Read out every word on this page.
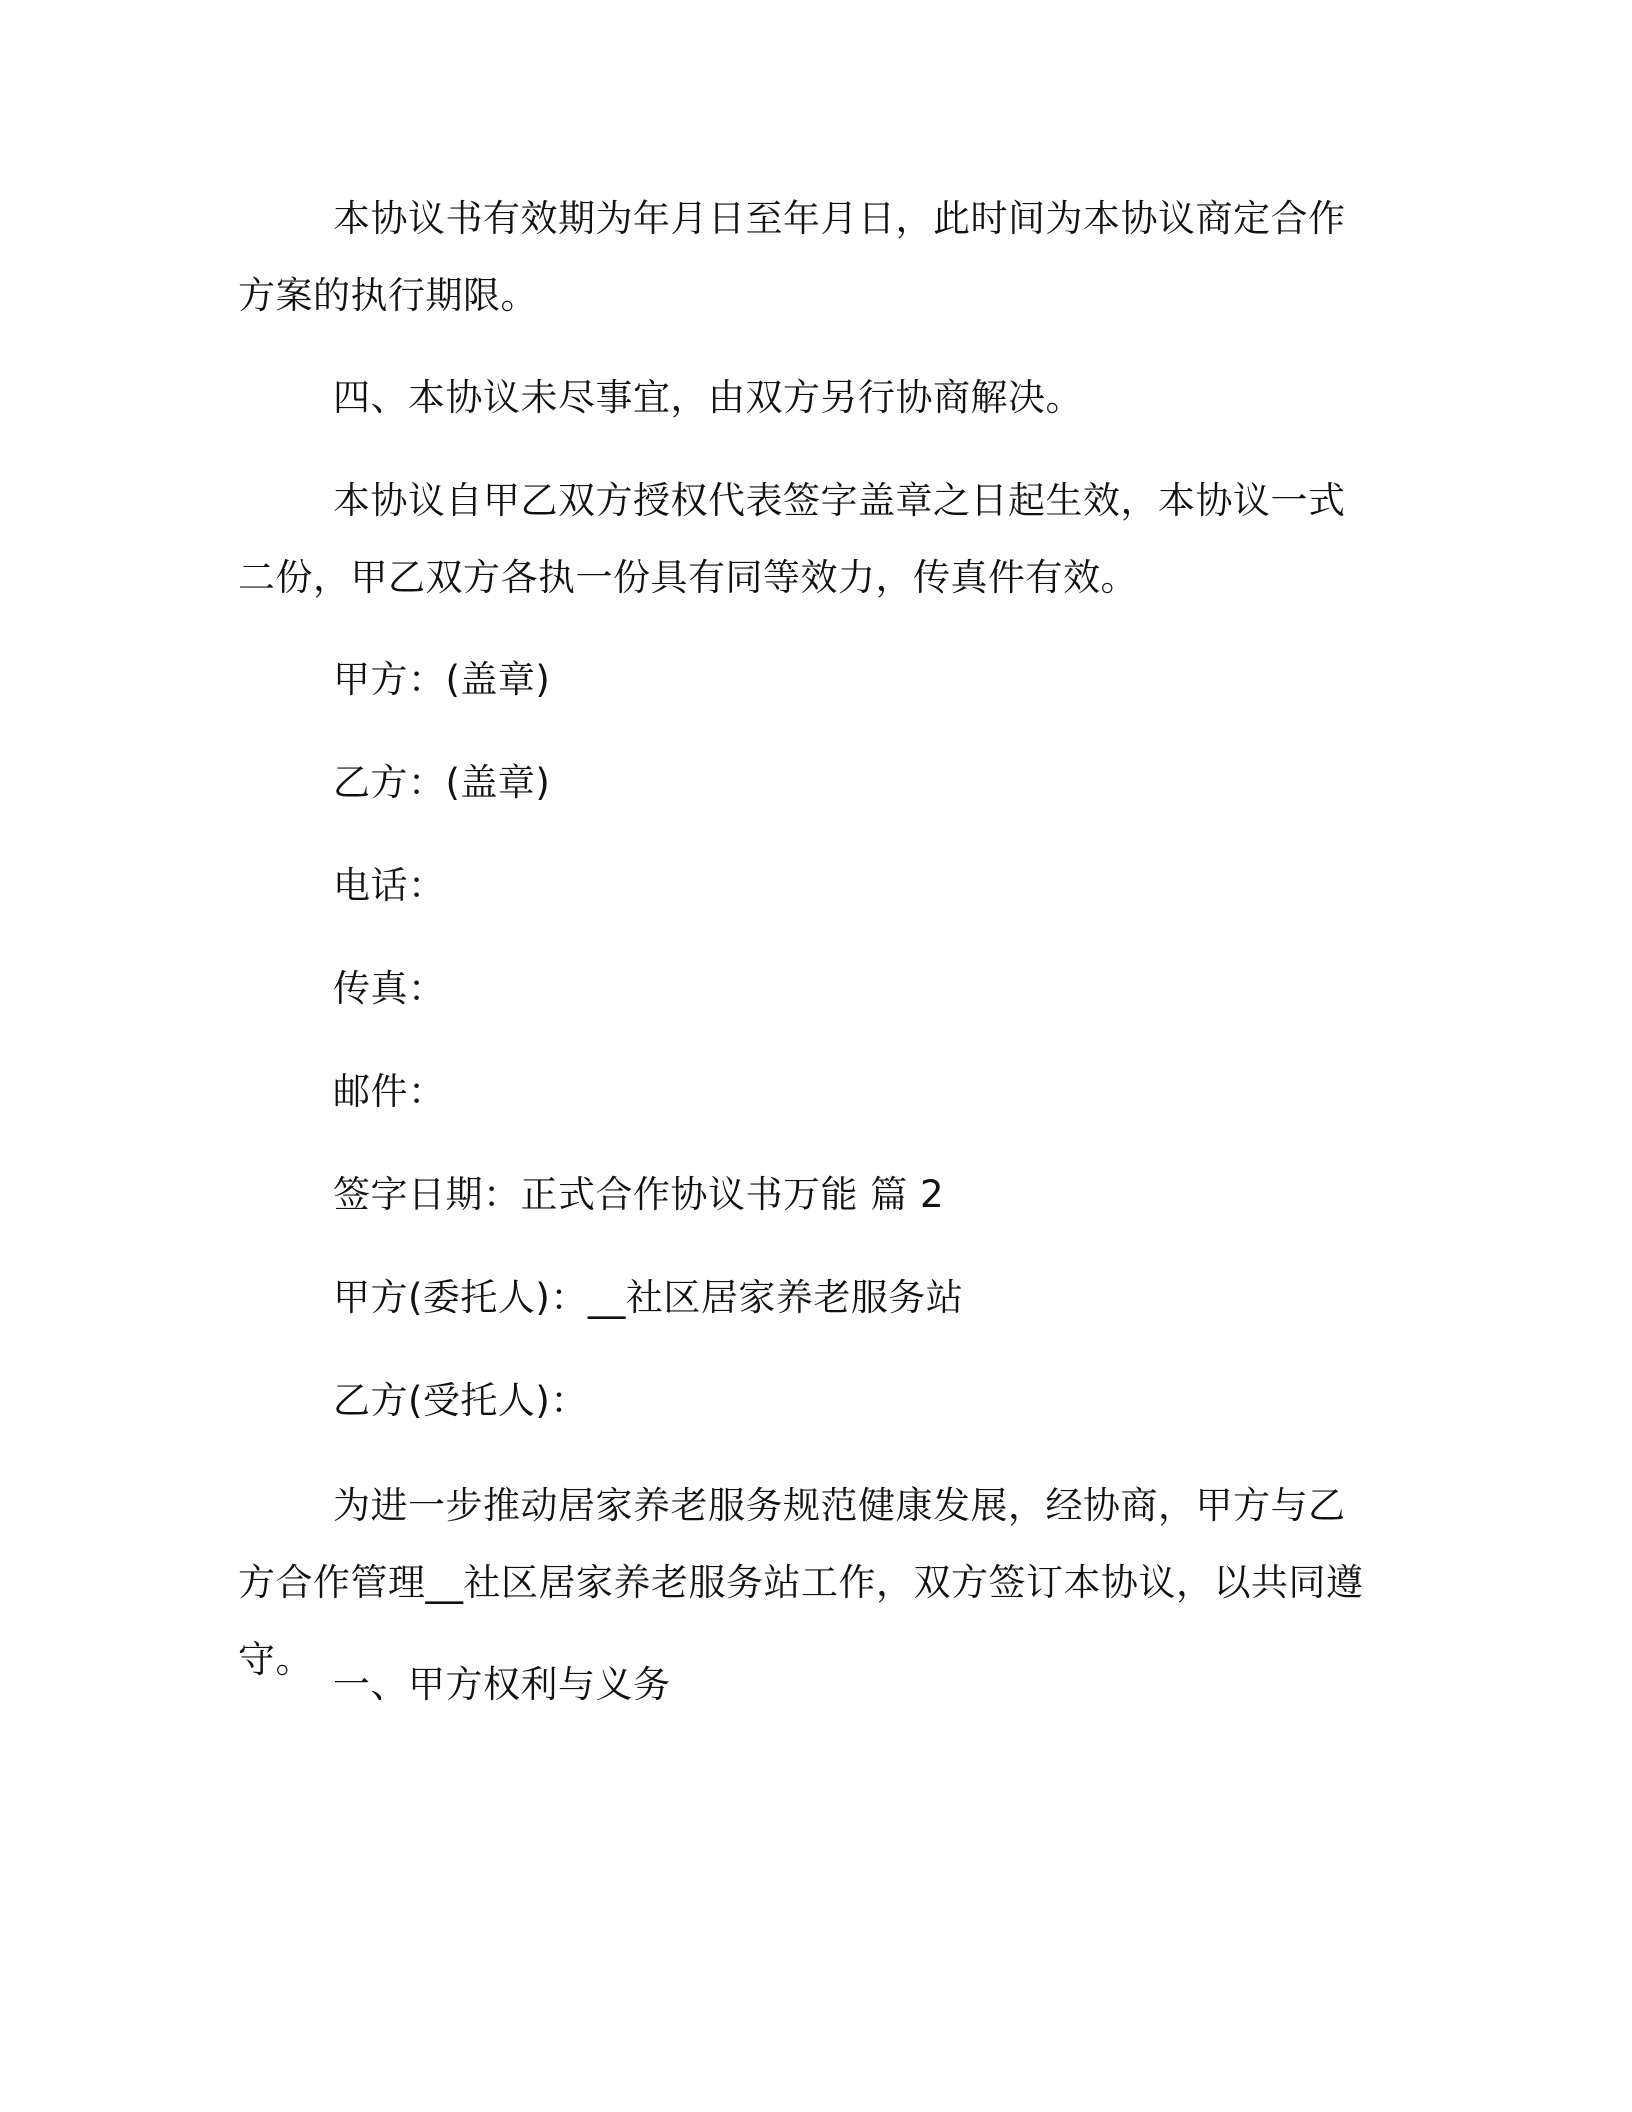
本协议书有效期为年月日至年月日，此时间为本协议商定合作方案的执行期限。

四、本协议未尽事宜，由双方另行协商解决。

本协议自甲乙双方授权代表签字盖章之日起生效，本协议一式二份，甲乙双方各执一份具有同等效力，传真件有效。

甲方：(盖章)

乙方：(盖章)

电话：

传真：

邮件：

签字日期：正式合作协议书万能 篇 2

甲方(委托人)：__社区居家养老服务站

乙方(受托人)：

为进一步推动居家养老服务规范健康发展，经协商，甲方与乙方合作管理__社区居家养老服务站工作，双方签订本协议，以共同遵守。

一、甲方权利与义务
